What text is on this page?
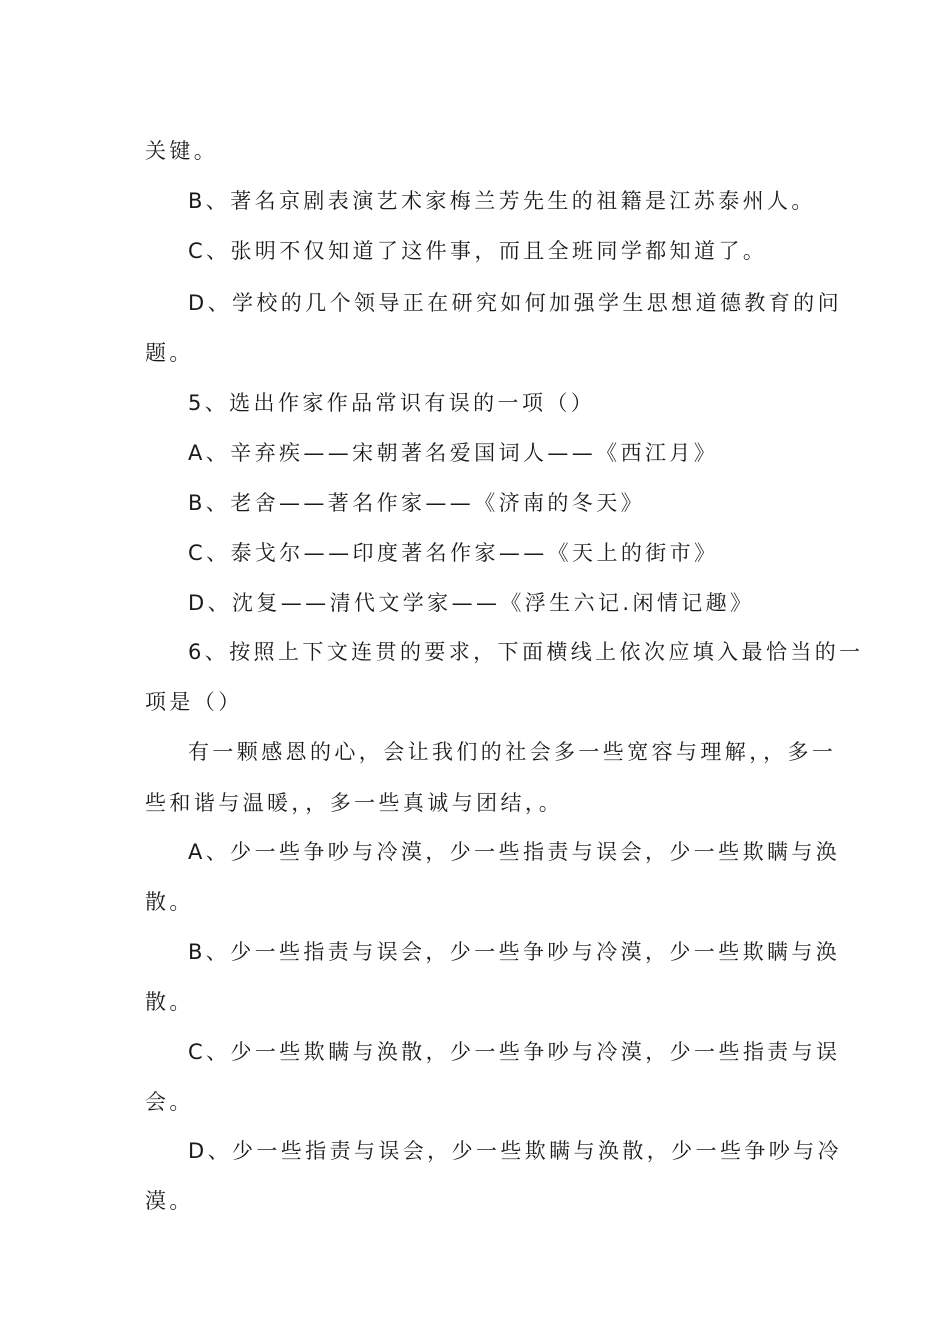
关键。
B、著名京剧表演艺术家梅兰芳先生的祖籍是江苏泰州人。
C、张明不仅知道了这件事，而且全班同学都知道了。
D、学校的几个领导正在研究如何加强学生思想道德教育的问
题。
5、选出作家作品常识有误的一项（）
A、辛弃疾——宋朝著名爱国词人——《西江月》
B、老舍——著名作家——《济南的冬天》
C、泰戈尔——印度著名作家——《天上的街市》
D、沈复——清代文学家——《浮生六记.闲情记趣》
6、按照上下文连贯的要求，下面横线上依次应填入最恰当的一
项是（）
有一颗感恩的心，会让我们的社会多一些宽容与理解，，多一
些和谐与温暖，，多一些真诚与团结，。
A、少一些争吵与冷漠，少一些指责与误会，少一些欺瞒与涣
散。
B、少一些指责与误会，少一些争吵与冷漠，少一些欺瞒与涣
散。
C、少一些欺瞒与涣散，少一些争吵与冷漠，少一些指责与误
会。
D、少一些指责与误会，少一些欺瞒与涣散，少一些争吵与冷
漠。
